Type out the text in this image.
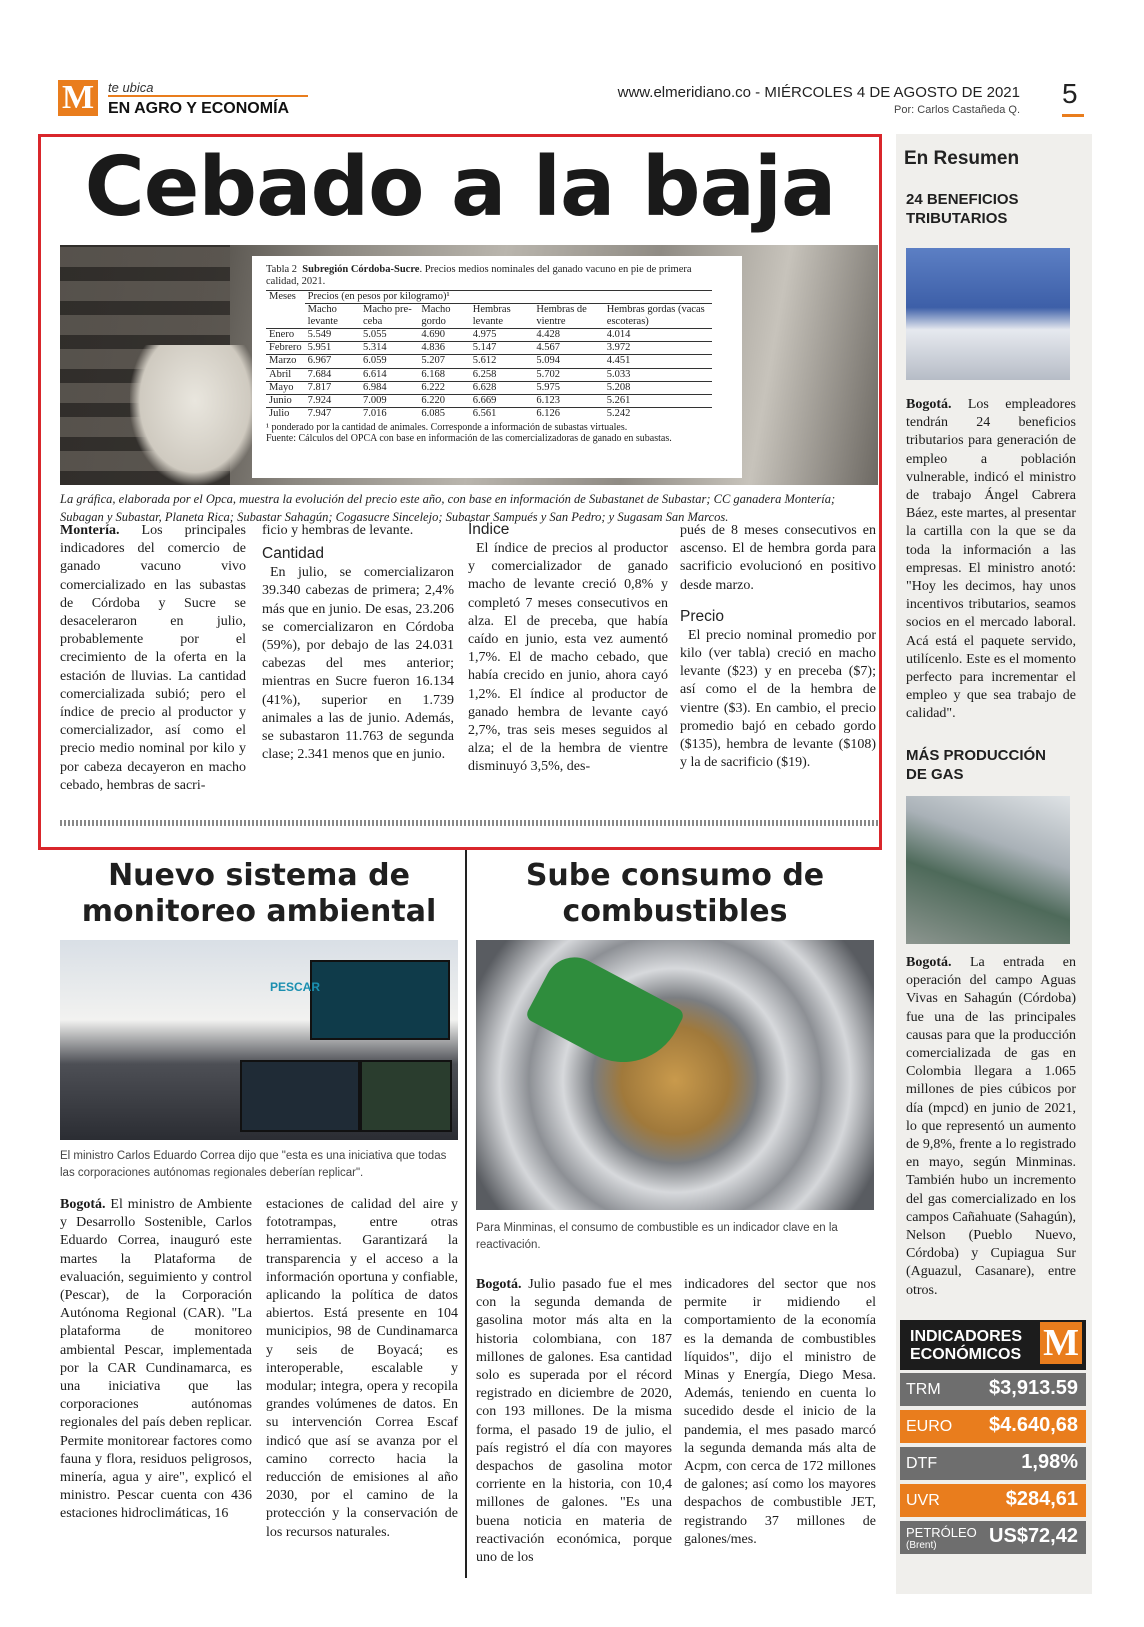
M	te ubica
EN AGRO Y ECONOMÍA
www.elmeridiano.co - MIÉRCOLES 4 DE AGOSTO DE 2021
Por: Carlos Castañeda Q.
5
Cebado a la baja
Tabla 2 Subregión Córdoba-Sucre. Precios medios nominales del ganado vacuno en pie de primera calidad, 2021.
Meses	Precios (en pesos por kilogramo)¹					
	Macho levante	Macho pre-ceba	Macho gordo	Hembras levante	Hembras de vientre	Hembras gordas (vacas escoteras)
Enero	5.549	5.055	4.690	4.975	4.428	4.014
Febrero	5.951	5.314	4.836	5.147	4.567	3.972
Marzo	6.967	6.059	5.207	5.612	5.094	4.451
Abril	7.684	6.614	6.168	6.258	5.702	5.033
Mayo	7.817	6.984	6.222	6.628	5.975	5.208
Junio	7.924	7.009	6.220	6.669	6.123	5.261
Julio	7.947	7.016	6.085	6.561	6.126	5.242
¹ ponderado por la cantidad de animales. Corresponde a información de subastas virtuales.
Fuente: Cálculos del OPCA con base en información de las comercializadoras de ganado en subastas.
La gráfica, elaborada por el Opca, muestra la evolución del precio este año, con base en información de Subastanet de Subastar; CC ganadera Montería; Subagan y Subastar, Planeta Rica; Subastar Sahagún; Cogasucre Sincelejo; Subastar Sampués y San Pedro; y Sugasam San Marcos.
Montería. Los principales indicadores del comercio de ganado vacuno vivo comercializado en las subastas de Córdoba y Sucre se desaceleraron en julio, probablemente por el crecimiento de la oferta en la estación de lluvias. La cantidad comercializada subió; pero el índice de precio al productor y comercializador, así como el precio medio nominal por kilo y por cabeza decayeron en macho cebado, hembras de sacri-
ficio y hembras de levante.
Cantidad
En julio, se comercializaron 39.340 cabezas de primera; 2,4% más que en junio. De esas, 23.206 se comercializaron en Córdoba (59%), por debajo de las 24.031 cabezas del mes anterior; mientras en Sucre fueron 16.134 (41%), superior en 1.739 animales a las de junio. Además, se subastaron 11.763 de segunda clase; 2.341 menos que en junio.
Índice
El índice de precios al productor y comercializador de ganado macho de levante creció 0,8% y completó 7 meses consecutivos en alza. El de preceba, que había caído en junio, esta vez aumentó 1,7%. El de macho cebado, que había crecido en junio, ahora cayó 1,2%. El índice al productor de ganado hembra de levante cayó 2,7%, tras seis meses seguidos al alza; el de la hembra de vientre disminuyó 3,5%, des-
pués de 8 meses consecutivos en ascenso. El de hembra gorda para sacrificio evolucionó en positivo desde marzo.
Precio
El precio nominal promedio por kilo (ver tabla) creció en macho levante ($23) y en preceba ($7); así como el de la hembra de vientre ($3). En cambio, el precio promedio bajó en cebado gordo ($135), hembra de levante ($108) y la de sacrificio ($19).
Nuevo sistema de monitoreo ambiental
PESCAR
El ministro Carlos Eduardo Correa dijo que "esta es una iniciativa que todas las corporaciones autónomas regionales deberían replicar".
Bogotá. El ministro de Ambiente y Desarrollo Sostenible, Carlos Eduardo Correa, inauguró este martes la Plataforma de evaluación, seguimiento y control (Pescar), de la Corporación Autónoma Regional (CAR). "La plataforma de monitoreo ambiental Pescar, implementada por la CAR Cundinamarca, es una iniciativa que las corporaciones autónomas regionales del país deben replicar. Permite monitorear factores como fauna y flora, residuos peligrosos, minería, agua y aire", explicó el ministro. Pescar cuenta con 436 estaciones hidroclimáticas, 16
estaciones de calidad del aire y fototrampas, entre otras herramientas. Garantizará la transparencia y el acceso a la información oportuna y confiable, aplicando la política de datos abiertos. Está presente en 104 municipios, 98 de Cundinamarca y seis de Boyacá; es interoperable, escalable y modular; integra, opera y recopila grandes volúmenes de datos. En su intervención Correa Escaf indicó que así se avanza por el camino correcto hacia la reducción de emisiones al año 2030, por el camino de la protección y la conservación de los recursos naturales.
Sube consumo de combustibles
Para Minminas, el consumo de combustible es un indicador clave en la reactivación.
Bogotá. Julio pasado fue el mes con la segunda demanda de gasolina motor más alta en la historia colombiana, con 187 millones de galones. Esa cantidad solo es superada por el récord registrado en diciembre de 2020, con 193 millones. De la misma forma, el pasado 19 de julio, el país registró el día con mayores despachos de gasolina motor corriente en la historia, con 10,4 millones de galones. "Es una buena noticia en materia de reactivación económica, porque uno de los
indicadores del sector que nos permite ir midiendo el comportamiento de la economía es la demanda de combustibles líquidos", dijo el ministro de Minas y Energía, Diego Mesa. Además, teniendo en cuenta lo sucedido desde el inicio de la pandemia, el mes pasado marcó la segunda demanda más alta de Acpm, con cerca de 172 millones de galones; así como los mayores despachos de combustible JET, registrando 37 millones de galones/mes.
En Resumen
24 BENEFICIOS TRIBUTARIOS
Bogotá. Los empleadores tendrán 24 beneficios tributarios para generación de empleo a población vulnerable, indicó el ministro de trabajo Ángel Cabrera Báez, este martes, al presentar la cartilla con la que se da toda la información a las empresas. El ministro anotó: "Hoy les decimos, hay unos incentivos tributarios, seamos socios en el mercado laboral. Acá está el paquete servido, utilícenlo. Este es el momento perfecto para incrementar el empleo y que sea trabajo de calidad".
MÁS PRODUCCIÓN DE GAS
Bogotá. La entrada en operación del campo Aguas Vivas en Sahagún (Córdoba) fue una de las principales causas para que la producción comercializada de gas en Colombia llegara a 1.065 millones de pies cúbicos por día (mpcd) en junio de 2021, lo que representó un aumento de 9,8%, frente a lo registrado en mayo, según Minminas. También hubo un incremento del gas comercializado en los campos Cañahuate (Sahagún), Nelson (Pueblo Nuevo, Córdoba) y Cupiagua Sur (Aguazul, Casanare), entre otros.
INDICADORES ECONÓMICOS M
TRM $3,913.59
EURO $4.640,68
DTF	1,98%
UVR	$284,61
PETRÓLEO
(Brent)	US$72,42
